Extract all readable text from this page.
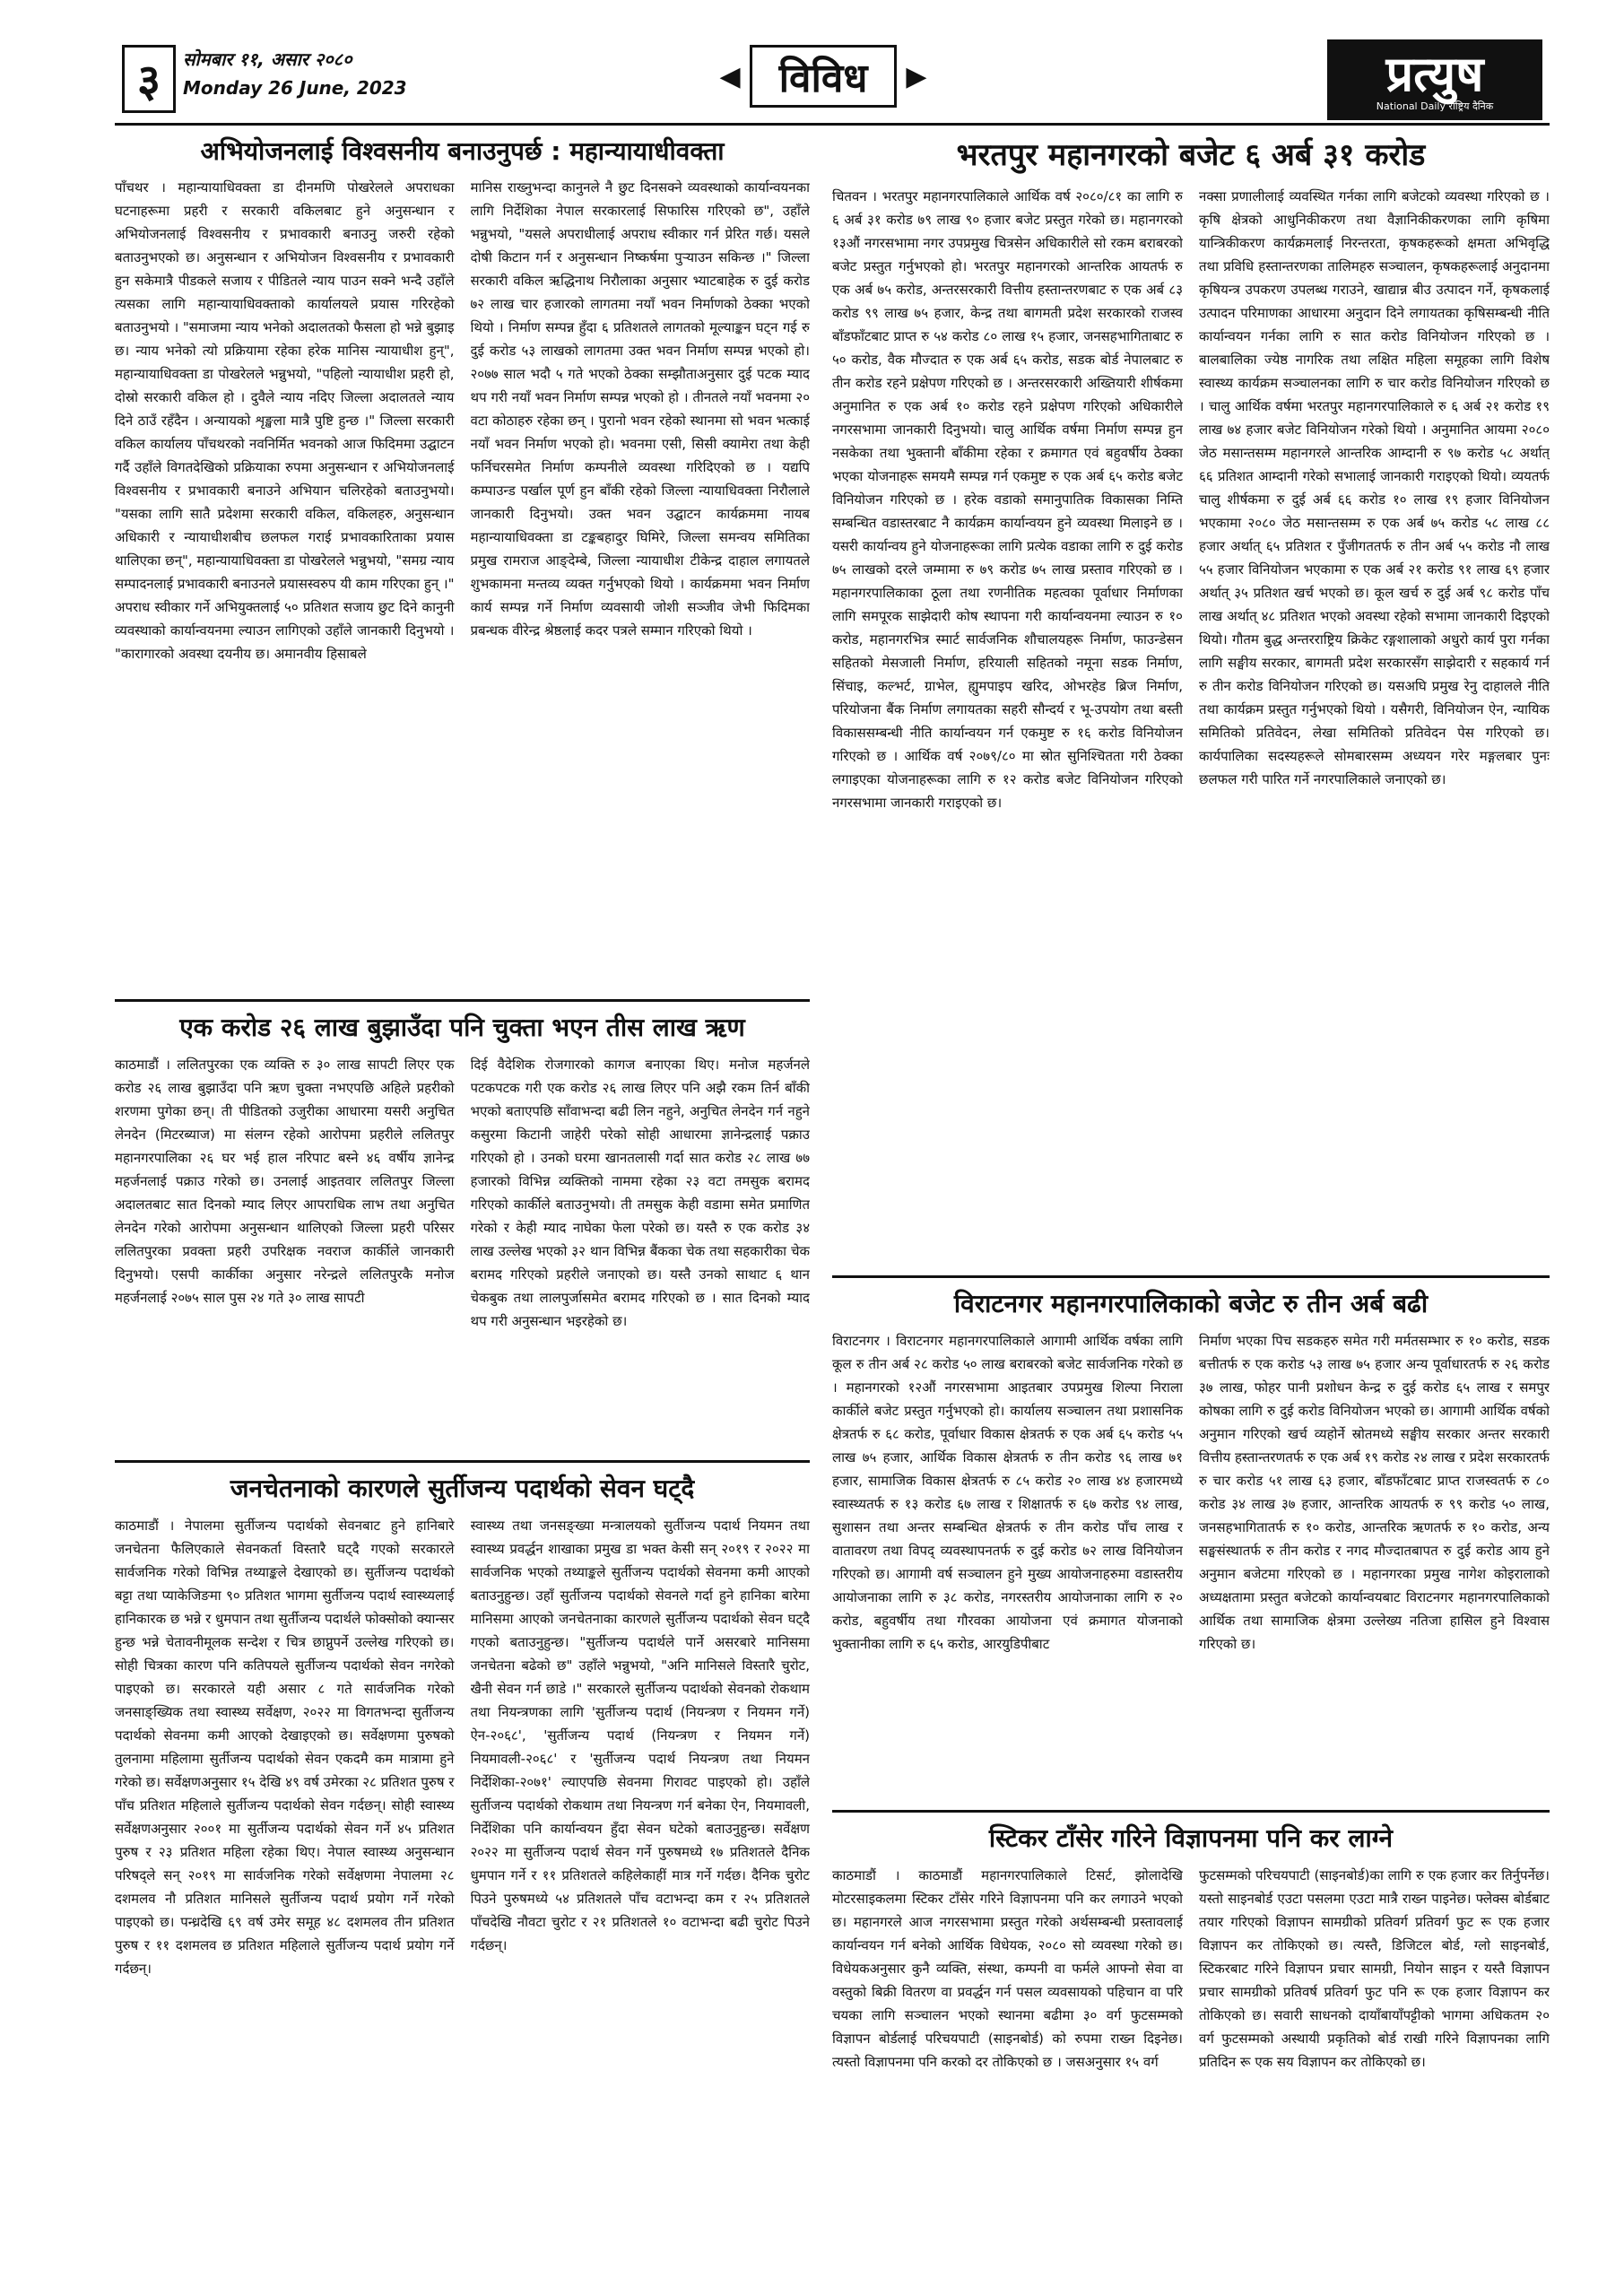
३	सोमबार ११, असार २०८०
Monday 26 June, 2023	◀ विविध	▶	प्रत्युष
National Daily राष्ट्रिय दैनिक
अभियोजनलाई विश्वसनीय बनाउनुपर्छ : महान्यायाधीवक्ता

पाँचथर । महान्यायाधिवक्ता डा दीनमणि पोखरेलले अपराधका घटनाहरूमा प्रहरी र सरकारी वकिलबाट हुने अनुसन्धान र अभियोजनलाई विश्वसनीय र प्रभावकारी बनाउनु जरुरी रहेको बताउनुभएको छ। अनुसन्धान र अभियोजन विश्वसनीय र प्रभावकारी हुन सकेमात्रै पीडकले सजाय र पीडितले न्याय पाउन सक्ने भन्दै उहाँले त्यसका लागि महान्यायाधिवक्ताको कार्यालयले प्रयास गरिरहेको बताउनुभयो । "समाजमा न्याय भनेको अदालतको फैसला हो भन्ने बुझाइ छ। न्याय भनेको त्यो प्रक्रियामा रहेका हरेक मानिस न्यायाधीश हुन्", महान्यायाधिवक्ता डा पोखरेलले भन्नुभयो, "पहिलो न्यायाधीश प्रहरी हो, दोस्रो सरकारी वकिल हो । दुवैले न्याय नदिए जिल्ला अदालतले न्याय दिने ठाउँ रहँदैन । अन्यायको शृङ्खला मात्रै पुष्टि हुन्छ ।" जिल्ला सरकारी वकिल कार्यालय पाँचथरको नवनिर्मित भवनको आज फिदिममा उद्घाटन गर्दै उहाँले विगतदेखिको प्रक्रियाका रुपमा अनुसन्धान र अभियोजनलाई विश्वसनीय र प्रभावकारी बनाउने अभियान चलिरहेको बताउनुभयो। "यसका लागि सातै प्रदेशमा सरकारी वकिल, वकिलहरु, अनुसन्धान अधिकारी र न्यायाधीशबीच छलफल गराई प्रभावकारिताका प्रयास थालिएका छन्", महान्यायाधिवक्ता डा पोखरेलले भन्नुभयो, "समग्र न्याय सम्पादनलाई प्रभावकारी बनाउनले प्रयासस्वरुप यी काम गरिएका हुन् ।" अपराध स्वीकार गर्ने अभियुक्तलाई ५० प्रतिशत सजाय छुट दिने कानुनी व्यवस्थाको कार्यान्वयनमा ल्याउन लागिएको उहाँले जानकारी दिनुभयो । "कारागारको अवस्था दयनीय छ। अमानवीय हिसाबले

मानिस राख्नुभन्दा कानुनले नै छुट दिनसक्ने व्यवस्थाको कार्यान्वयनका लागि निर्देशिका नेपाल सरकारलाई सिफारिस गरिएको छ", उहाँले भन्नुभयो, "यसले अपराधीलाई अपराध स्वीकार गर्न प्रेरित गर्छ। यसले दोषी किटान गर्न र अनुसन्धान निष्कर्षमा पुऱ्याउन सकिन्छ ।" जिल्ला सरकारी वकिल ऋद्धिनाथ निरौलाका अनुसार भ्याटबाहेक रु दुई करोड ७२ लाख चार हजारको लागतमा नयाँ भवन निर्माणको ठेक्का भएको थियो । निर्माण सम्पन्न हुँदा ६ प्रतिशतले लागतको मूल्याङ्कन घट्न गई रु दुई करोड ५३ लाखको लागतमा उक्त भवन निर्माण सम्पन्न भएको हो। २०७७ साल भदौ ५ गते भएको ठेक्का सम्झौताअनुसार दुई पटक म्याद थप गरी नयाँ भवन निर्माण सम्पन्न भएको हो । तीनतले नयाँ भवनमा २० वटा कोठाहरु रहेका छन् । पुरानो भवन रहेको स्थानमा सो भवन भत्काई नयाँ भवन निर्माण भएको हो। भवनमा एसी, सिसी क्यामेरा तथा केही फर्निचरसमेत निर्माण कम्पनीले व्यवस्था गरिदिएको छ । यद्यपि कम्पाउन्ड पर्खाल पूर्ण हुन बाँकी रहेको जिल्ला न्यायाधिवक्ता निरौलाले जानकारी दिनुभयो। उक्त भवन उद्घाटन कार्यक्रममा नायब महान्यायाधिवक्ता डा टङ्कबहादुर घिमिरे, जिल्ला समन्वय समितिका प्रमुख रामराज आङ्देम्बे, जिल्ला न्यायाधीश टीकेन्द्र दाहाल लगायतले शुभकामना मन्तव्य व्यक्त गर्नुभएको थियो । कार्यक्रममा भवन निर्माण कार्य सम्पन्न गर्ने निर्माण व्यवसायी जोशी सञ्जीव जेभी फिदिमका प्रबन्धक वीरेन्द्र श्रेष्ठलाई कदर पत्रले सम्मान गरिएको थियो ।

भरतपुर महानगरको बजेट ६ अर्ब ३१ करोड

चितवन । भरतपुर महानगरपालिकाले आर्थिक वर्ष २०८०/८१ का लागि रु ६ अर्ब ३१ करोड ७९ लाख ९० हजार बजेट प्रस्तुत गरेको छ। महानगरको १३औं नगरसभामा नगर उपप्रमुख चित्रसेन अधिकारीले सो रकम बराबरको बजेट प्रस्तुत गर्नुभएको हो। भरतपुर महानगरको आन्तरिक आयतर्फ रु एक अर्ब ७५ करोड, अन्तरसरकारी वित्तीय हस्तान्तरणबाट रु एक अर्ब ८३ करोड ९९ लाख ७५ हजार, केन्द्र तथा बागमती प्रदेश सरकारको राजस्व बाँडफाँटबाट प्राप्त रु ५४ करोड ८० लाख १५ हजार, जनसहभागिताबाट रु ५० करोड, वैक मौज्दात रु एक अर्ब ६५ करोड, सडक बोर्ड नेपालबाट रु तीन करोड रहने प्रक्षेपण गरिएको छ । अन्तरसरकारी अख्तियारी शीर्षकमा अनुमानित रु एक अर्ब १० करोड रहने प्रक्षेपण गरिएको अधिकारीले नगरसभामा जानकारी दिनुभयो। चालु आर्थिक वर्षमा निर्माण सम्पन्न हुन नसकेका तथा भुक्तानी बाँकीमा रहेका र क्रमागत एवं बहुवर्षीय ठेक्का भएका योजनाहरू समयमै सम्पन्न गर्न एकमुष्ट रु एक अर्ब ६५ करोड बजेट विनियोजन गरिएको छ । हरेक वडाको समानुपातिक विकासका निम्ति सम्बन्धित वडास्तरबाट नै कार्यक्रम कार्यान्वयन हुने व्यवस्था मिलाइने छ । यसरी कार्यान्वय हुने योजनाहरूका लागि प्रत्येक वडाका लागि रु दुई करोड ७५ लाखको दरले जम्मामा रु ७९ करोड ७५ लाख प्रस्ताव गरिएको छ । महानगरपालिकाका ठूला तथा रणनीतिक महत्वका पूर्वाधार निर्माणका लागि समपूरक साझेदारी कोष स्थापना गरी कार्यान्वयनमा ल्याउन रु १० करोड, महानगरभित्र स्मार्ट सार्वजनिक शौचालयहरू निर्माण, फाउन्डेसन सहितको मेसजाली निर्माण, हरियाली सहितको नमूना सडक निर्माण, सिंचाइ, कल्भर्ट, ग्राभेल, ह्युमपाइप खरिद, ओभरहेड ब्रिज निर्माण, परियोजना बैंक निर्माण लगायतका सहरी सौन्दर्य र भू-उपयोग तथा बस्ती विकाससम्बन्धी नीति कार्यान्वयन गर्न एकमुष्ट रु १६ करोड विनियोजन गरिएको छ । आर्थिक वर्ष २०७९/८० मा स्रोत सुनिश्चितता गरी ठेक्का लगाइएका योजनाहरूका लागि रु १२ करोड बजेट विनियोजन गरिएको नगरसभामा जानकारी गराइएको छ।

नक्सा प्रणालीलाई व्यवस्थित गर्नका लागि बजेटको व्यवस्था गरिएको छ । कृषि क्षेत्रको आधुनिकीकरण तथा वैज्ञानिकीकरणका लागि कृषिमा यान्त्रिकीकरण कार्यक्रमलाई निरन्तरता, कृषकहरूको क्षमता अभिवृद्धि तथा प्रविधि हस्तान्तरणका तालिमहरु सञ्चालन, कृषकहरूलाई अनुदानमा कृषियन्त्र उपकरण उपलब्ध गराउने, खाद्यान्न बीउ उत्पादन गर्ने, कृषकलाई उत्पादन परिमाणका आधारमा अनुदान दिने लगायतका कृषिसम्बन्धी नीति कार्यान्वयन गर्नका लागि रु सात करोड विनियोजन गरिएको छ । बालबालिका ज्येष्ठ नागरिक तथा लक्षित महिला समूहका लागि विशेष स्वास्थ्य कार्यक्रम सञ्चालनका लागि रु चार करोड विनियोजन गरिएको छ । चालु आर्थिक वर्षमा भरतपुर महानगरपालिकाले रु ६ अर्ब २१ करोड १९ लाख ७४ हजार बजेट विनियोजन गरेको थियो । अनुमानित आयमा २०८० जेठ मसान्तसम्म महानगरले आन्तरिक आम्दानी रु ९७ करोड ५८ अर्थात् ६६ प्रतिशत आम्दानी गरेको सभालाई जानकारी गराइएको थियो। व्ययतर्फ चालु शीर्षकमा रु दुई अर्ब ६६ करोड १० लाख १९ हजार विनियोजन भएकामा २०८० जेठ मसान्तसम्म रु एक अर्ब ७५ करोड ५८ लाख ८८ हजार अर्थात् ६५ प्रतिशत र पुँजीगततर्फ रु तीन अर्ब ५५ करोड नौ लाख ५५ हजार विनियोजन भएकामा रु एक अर्ब २१ करोड ९१ लाख ६९ हजार अर्थात् ३५ प्रतिशत खर्च भएको छ। कूल खर्च रु दुई अर्ब ९८ करोड पाँच लाख अर्थात् ४८ प्रतिशत भएको अवस्था रहेको सभामा जानकारी दिइएको थियो। गौतम बुद्ध अन्तरराष्ट्रिय क्रिकेट रङ्गशालाको अधुरो कार्य पुरा गर्नका लागि सङ्घीय सरकार, बागमती प्रदेश सरकारसँग साझेदारी र सहकार्य गर्न रु तीन करोड विनियोजन गरिएको छ। यसअघि प्रमुख रेनु दाहालले नीति तथा कार्यक्रम प्रस्तुत गर्नुभएको थियो । यसैगरी, विनियोजन ऐन, न्यायिक समितिको प्रतिवेदन, लेखा समितिको प्रतिवेदन पेस गरिएको छ। कार्यपालिका सदस्यहरूले सोमबारसम्म अध्ययन गरेर मङ्गलबार पुनः छलफल गरी पारित गर्ने नगरपालिकाले जनाएको छ।

एक करोड २६ लाख बुझाउँदा पनि चुक्ता भएन तीस लाख ऋण

काठमाडौं । ललितपुरका एक व्यक्ति रु ३० लाख सापटी लिएर एक करोड २६ लाख बुझाउँदा पनि ऋण चुक्ता नभएपछि अहिले प्रहरीको शरणमा पुगेका छन्। ती पीडितको उजुरीका आधारमा यसरी अनुचित लेनदेन (मिटरब्याज) मा संलग्न रहेको आरोपमा प्रहरीले ललितपुर महानगरपालिका २६ घर भई हाल नरिपाट बस्ने ४६ वर्षीय ज्ञानेन्द्र महर्जनलाई पक्राउ गरेको छ। उनलाई आइतवार ललितपुर जिल्ला अदालतबाट सात दिनको म्याद लिएर आपराधिक लाभ तथा अनुचित लेनदेन गरेको आरोपमा अनुसन्धान थालिएको जिल्ला प्रहरी परिसर ललितपुरका प्रवक्ता प्रहरी उपरिक्षक नवराज कार्कीले जानकारी दिनुभयो। एसपी कार्कीका अनुसार नरेन्द्रले ललितपुरकै मनोज महर्जनलाई २०७५ साल पुस २४ गते ३० लाख सापटी

दिई वैदेशिक रोजगारको कागज बनाएका थिए। मनोज महर्जनले पटकपटक गरी एक करोड २६ लाख लिएर पनि अझै रकम तिर्न बाँकी भएको बताएपछि साँवाभन्दा बढी लिन नहुने, अनुचित लेनदेन गर्न नहुने कसुरमा किटानी जाहेरी परेको सोही आधारमा ज्ञानेन्द्रलाई पक्राउ गरिएको हो । उनको घरमा खानतलासी गर्दा सात करोड २८ लाख ७७ हजारको विभिन्न व्यक्तिको नाममा रहेका २३ वटा तमसुक बरामद गरिएको कार्कीले बताउनुभयो। ती तमसुक केही वडामा समेत प्रमाणित गरेको र केही म्याद नाघेका फेला परेको छ। यस्तै रु एक करोड ३४ लाख उल्लेख भएको ३२ थान विभिन्न बैंकका चेक तथा सहकारीका चेक बरामद गरिएको प्रहरीले जनाएको छ। यस्तै उनको साथाट ६ थान चेकबुक तथा लालपुर्जासमेत बरामद गरिएको छ । सात दिनको म्याद थप गरी अनुसन्धान भइरहेको छ।

जनचेतनाको कारणले सुर्तीजन्य पदार्थको सेवन घट्दै

काठमाडौं । नेपालमा सुर्तीजन्य पदार्थको सेवनबाट हुने हानिबारे जनचेतना फैलिएकाले सेवनकर्ता विस्तारै घट्दै गएको सरकारले सार्वजनिक गरेको विभिन्न तथ्याङ्कले देखाएको छ। सुर्तीजन्य पदार्थको बट्टा तथा प्याकेजिङमा ९० प्रतिशत भागमा सुर्तीजन्य पदार्थ स्वास्थ्यलाई हानिकारक छ भन्ने र धुमपान तथा सुर्तीजन्य पदार्थले फोक्सोको क्यान्सर हुन्छ भन्ने चेतावनीमूलक सन्देश र चित्र छाप्नुपर्ने उल्लेख गरिएको छ। सोही चित्रका कारण पनि कतिपयले सुर्तीजन्य पदार्थको सेवन नगरेको पाइएको छ। सरकारले यही असार ८ गते सार्वजनिक गरेको जनसाङ्ख्यिक तथा स्वास्थ्य सर्वेक्षण, २०२२ मा विगतभन्दा सुर्तीजन्य पदार्थको सेवनमा कमी आएको देखाइएको छ। सर्वेक्षणमा पुरुषको तुलनामा महिलामा सुर्तीजन्य पदार्थको सेवन एकदमै कम मात्रामा हुने गरेको छ। सर्वेक्षणअनुसार १५ देखि ४९ वर्ष उमेरका २८ प्रतिशत पुरुष र पाँच प्रतिशत महिलाले सुर्तीजन्य पदार्थको सेवन गर्दछन्। सोही स्वास्थ्य सर्वेक्षणअनुसार २००१ मा सुर्तीजन्य पदार्थको सेवन गर्ने ४५ प्रतिशत पुरुष र २३ प्रतिशत महिला रहेका थिए। नेपाल स्वास्थ्य अनुसन्धान परिषद्ले सन् २०१९ मा सार्वजनिक गरेको सर्वेक्षणमा नेपालमा २८ दशमलव नौ प्रतिशत मानिसले सुर्तीजन्य पदार्थ प्रयोग गर्ने गरेको पाइएको छ। पन्ध्रदेखि ६९ वर्ष उमेर समूह ४८ दशमलव तीन प्रतिशत पुरुष र ११ दशमलव छ प्रतिशत महिलाले सुर्तीजन्य पदार्थ प्रयोग गर्ने गर्दछन्।

स्वास्थ्य तथा जनसङ्ख्या मन्त्रालयको सुर्तीजन्य पदार्थ नियमन तथा स्वास्थ्य प्रवर्द्धन शाखाका प्रमुख डा भक्त केसी सन् २०१९ र २०२२ मा सार्वजनिक भएको तथ्याङ्कले सुर्तीजन्य पदार्थको सेवनमा कमी आएको बताउनुहुन्छ। उहाँ सुर्तीजन्य पदार्थको सेवनले गर्दा हुने हानिका बारेमा मानिसमा आएको जनचेतनाका कारणले सुर्तीजन्य पदार्थको सेवन घट्दै गएको बताउनुहुन्छ। "सुर्तीजन्य पदार्थले पार्ने असरबारे मानिसमा जनचेतना बढेको छ" उहाँले भन्नुभयो, "अनि मानिसले विस्तारै चुरोट, खैनी सेवन गर्न छाडे ।" सरकारले सुर्तीजन्य पदार्थको सेवनको रोकथाम तथा नियन्त्रणका लागि 'सुर्तीजन्य पदार्थ (नियन्त्रण र नियमन गर्ने) ऐन-२०६८', 'सुर्तीजन्य पदार्थ (नियन्त्रण र नियमन गर्ने) नियमावली-२०६८' र 'सुर्तीजन्य पदार्थ नियन्त्रण तथा नियमन निर्देशिका-२०७१' ल्याएपछि सेवनमा गिरावट पाइएको हो। उहाँले सुर्तीजन्य पदार्थको रोकथाम तथा नियन्त्रण गर्न बनेका ऐन, नियमावली, निर्देशिका पनि कार्यान्वयन हुँदा सेवन घटेको बताउनुहुन्छ। सर्वेक्षण २०२२ मा सुर्तीजन्य पदार्थ सेवन गर्ने पुरुषमध्ये १७ प्रतिशतले दैनिक धुमपान गर्ने र ११ प्रतिशतले कहिलेकाहीं मात्र गर्ने गर्दछ। दैनिक चुरोट पिउने पुरुषमध्ये ५४ प्रतिशतले पाँच वटाभन्दा कम र २५ प्रतिशतले पाँचदेखि नौवटा चुरोट र २१ प्रतिशतले १० वटाभन्दा बढी चुरोट पिउने गर्दछन्।

विराटनगर महानगरपालिकाको बजेट रु तीन अर्ब बढी

विराटनगर । विराटनगर महानगरपालिकाले आगामी आर्थिक वर्षका लागि कूल रु तीन अर्ब २८ करोड ५० लाख बराबरको बजेट सार्वजनिक गरेको छ । महानगरको १२औं नगरसभामा आइतबार उपप्रमुख शिल्पा निराला कार्कीले बजेट प्रस्तुत गर्नुभएको हो। कार्यालय सञ्चालन तथा प्रशासनिक क्षेत्रतर्फ रु ६८ करोड, पूर्वाधार विकास क्षेत्रतर्फ रु एक अर्ब ६५ करोड ५५ लाख ७५ हजार, आर्थिक विकास क्षेत्रतर्फ रु तीन करोड ९६ लाख ७१ हजार, सामाजिक विकास क्षेत्रतर्फ रु ८५ करोड २० लाख ४४ हजारमध्ये स्वास्थ्यतर्फ रु १३ करोड ६७ लाख र शिक्षातर्फ रु ६७ करोड ९४ लाख, सुशासन तथा अन्तर सम्बन्धित क्षेत्रतर्फ रु तीन करोड पाँच लाख र वातावरण तथा विपद् व्यवस्थापनतर्फ रु दुई करोड ७२ लाख विनियोजन गरिएको छ। आगामी वर्ष सञ्चालन हुने मुख्य आयोजनाहरुमा वडास्तरीय आयोजनाका लागि रु ३८ करोड, नगरस्तरीय आयोजनाका लागि रु २० करोड, बहुवर्षीय तथा गौरवका आयोजना एवं क्रमागत योजनाको भुक्तानीका लागि रु ६५ करोड, आरयुडिपीबाट

निर्माण भएका पिच सडकहरु समेत गरी मर्मतसम्भार रु १० करोड, सडक बत्तीतर्फ रु एक करोड ५३ लाख ७५ हजार अन्य पूर्वाधारतर्फ रु २६ करोड ३७ लाख, फोहर पानी प्रशोधन केन्द्र रु दुई करोड ६५ लाख र समपुर कोषका लागि रु दुई करोड विनियोजन भएको छ। आगामी आर्थिक वर्षको अनुमान गरिएको खर्च व्यहोर्ने स्रोतमध्ये सङ्घीय सरकार अन्तर सरकारी वित्तीय हस्तान्तरणतर्फ रु एक अर्ब १९ करोड २४ लाख र प्रदेश सरकारतर्फ रु चार करोड ५१ लाख ६३ हजार, बाँडफाँटबाट प्राप्त राजस्वतर्फ रु ८० करोड ३४ लाख ३७ हजार, आन्तरिक आयतर्फ रु ९९ करोड ५० लाख, जनसहभागितातर्फ रु १० करोड, आन्तरिक ऋणतर्फ रु १० करोड, अन्य सङ्घसंस्थातर्फ रु तीन करोड र नगद मौज्दातबापत रु दुई करोड आय हुने अनुमान बजेटमा गरिएको छ । महानगरका प्रमुख नागेश कोइरालाको अध्यक्षतामा प्रस्तुत बजेटको कार्यान्वयबाट विराटनगर महानगरपालिकाको आर्थिक तथा सामाजिक क्षेत्रमा उल्लेख्य नतिजा हासिल हुने विश्वास गरिएको छ।

स्टिकर टाँसेर गरिने विज्ञापनमा पनि कर लाग्ने

काठमाडौं । काठमाडौं महानगरपालिकाले टिसर्ट, झोलादेखि मोटरसाइकलमा स्टिकर टाँसेर गरिने विज्ञापनमा पनि कर लगाउने भएको छ। महानगरले आज नगरसभामा प्रस्तुत गरेको अर्थसम्बन्धी प्रस्तावलाई कार्यान्वयन गर्न बनेको आर्थिक विधेयक, २०८० सो व्यवस्था गरेको छ। विधेयकअनुसार कुनै व्यक्ति, संस्था, कम्पनी वा फर्मले आफ्नो सेवा वा वस्तुको बिक्री वितरण वा प्रवर्द्धन गर्न पसल व्यवसायको पहिचान वा परि चयका लागि सञ्चालन भएको स्थानमा बढीमा ३० वर्ग फुटसम्मको विज्ञापन बोर्डलाई परिचयपाटी (साइनबोर्ड) को रुपमा राख्न दिइनेछ। त्यस्तो विज्ञापनमा पनि करको दर तोकिएको छ । जसअनुसार १५ वर्ग

फुटसम्मको परिचयपाटी (साइनबोर्ड)का लागि रु एक हजार कर तिर्नुपर्नेछ। यस्तो साइनबोर्ड एउटा पसलमा एउटा मात्रै राख्न पाइनेछ। फ्लेक्स बोर्डबाट तयार गरिएको विज्ञापन सामग्रीको प्रतिवर्ग प्रतिवर्ग फुट रू एक हजार विज्ञापन कर तोकिएको छ। त्यस्तै, डिजिटल बोर्ड, ग्लो साइनबोर्ड, स्टिकरबाट गरिने विज्ञापन प्रचार सामग्री, नियोन साइन र यस्तै विज्ञापन प्रचार सामग्रीको प्रतिवर्ष प्रतिवर्ग फुट पनि रू एक हजार विज्ञापन कर तोकिएको छ। सवारी साधनको दायाँबायाँपट्टीको भागमा अधिकतम २० वर्ग फुटसम्मको अस्थायी प्रकृतिको बोर्ड राखी गरिने विज्ञापनका लागि प्रतिदिन रू एक सय विज्ञापन कर तोकिएको छ।
